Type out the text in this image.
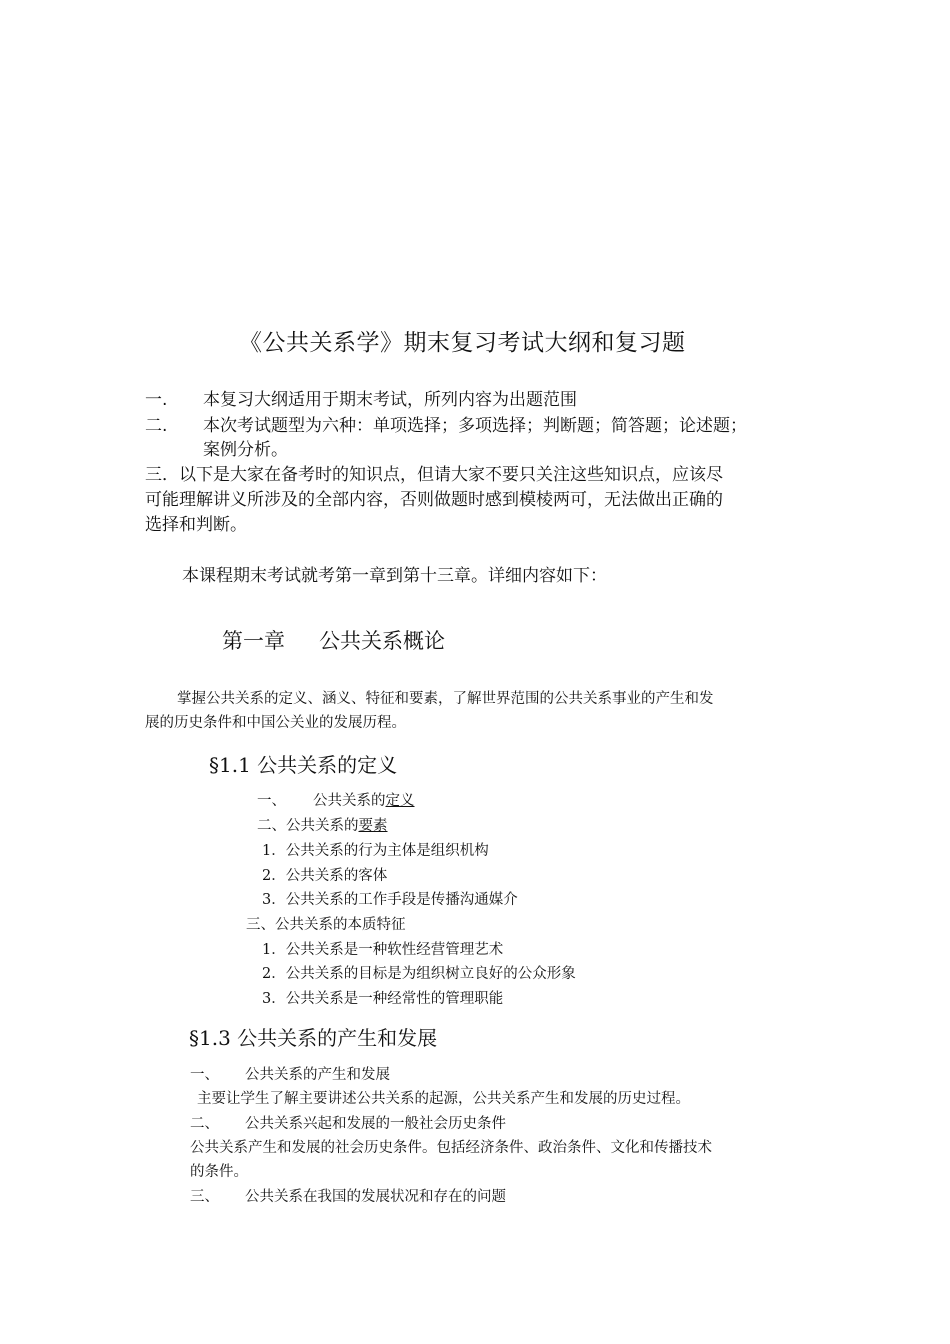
《公共关系学》期末复习考试大纲和复习题
一. 本复习大纲适用于期末考试，所列内容为出题范围
二. 本次考试题型为六种：单项选择；多项选择；判断题；简答题；论述题；
案例分析。
三．以下是大家在备考时的知识点，但请大家不要只关注这些知识点，应该尽
可能理解讲义所涉及的全部内容，否则做题时感到模棱两可，无法做出正确的
选择和判断。
本课程期末考试就考第一章到第十三章。详细内容如下：
第一章 公共关系概论
掌握公共关系的定义、涵义、特征和要素，了解世界范围的公共关系事业的产生和发
展的历史条件和中国公关业的发展历程。
§1.1 公共关系的定义
一、 公共关系的定义
二、公共关系的要素
1．公共关系的行为主体是组织机构
2．公共关系的客体
3．公共关系的工作手段是传播沟通媒介
三、公共关系的本质特征
1．公共关系是一种软性经营管理艺术
2．公共关系的目标是为组织树立良好的公众形象
3．公共关系是一种经常性的管理职能
§1.3 公共关系的产生和发展
一、 公共关系的产生和发展
主要让学生了解主要讲述公共关系的起源，公共关系产生和发展的历史过程。
二、 公共关系兴起和发展的一般社会历史条件
公共关系产生和发展的社会历史条件。包括经济条件、政治条件、文化和传播技术
的条件。
三、 公共关系在我国的发展状况和存在的问题
